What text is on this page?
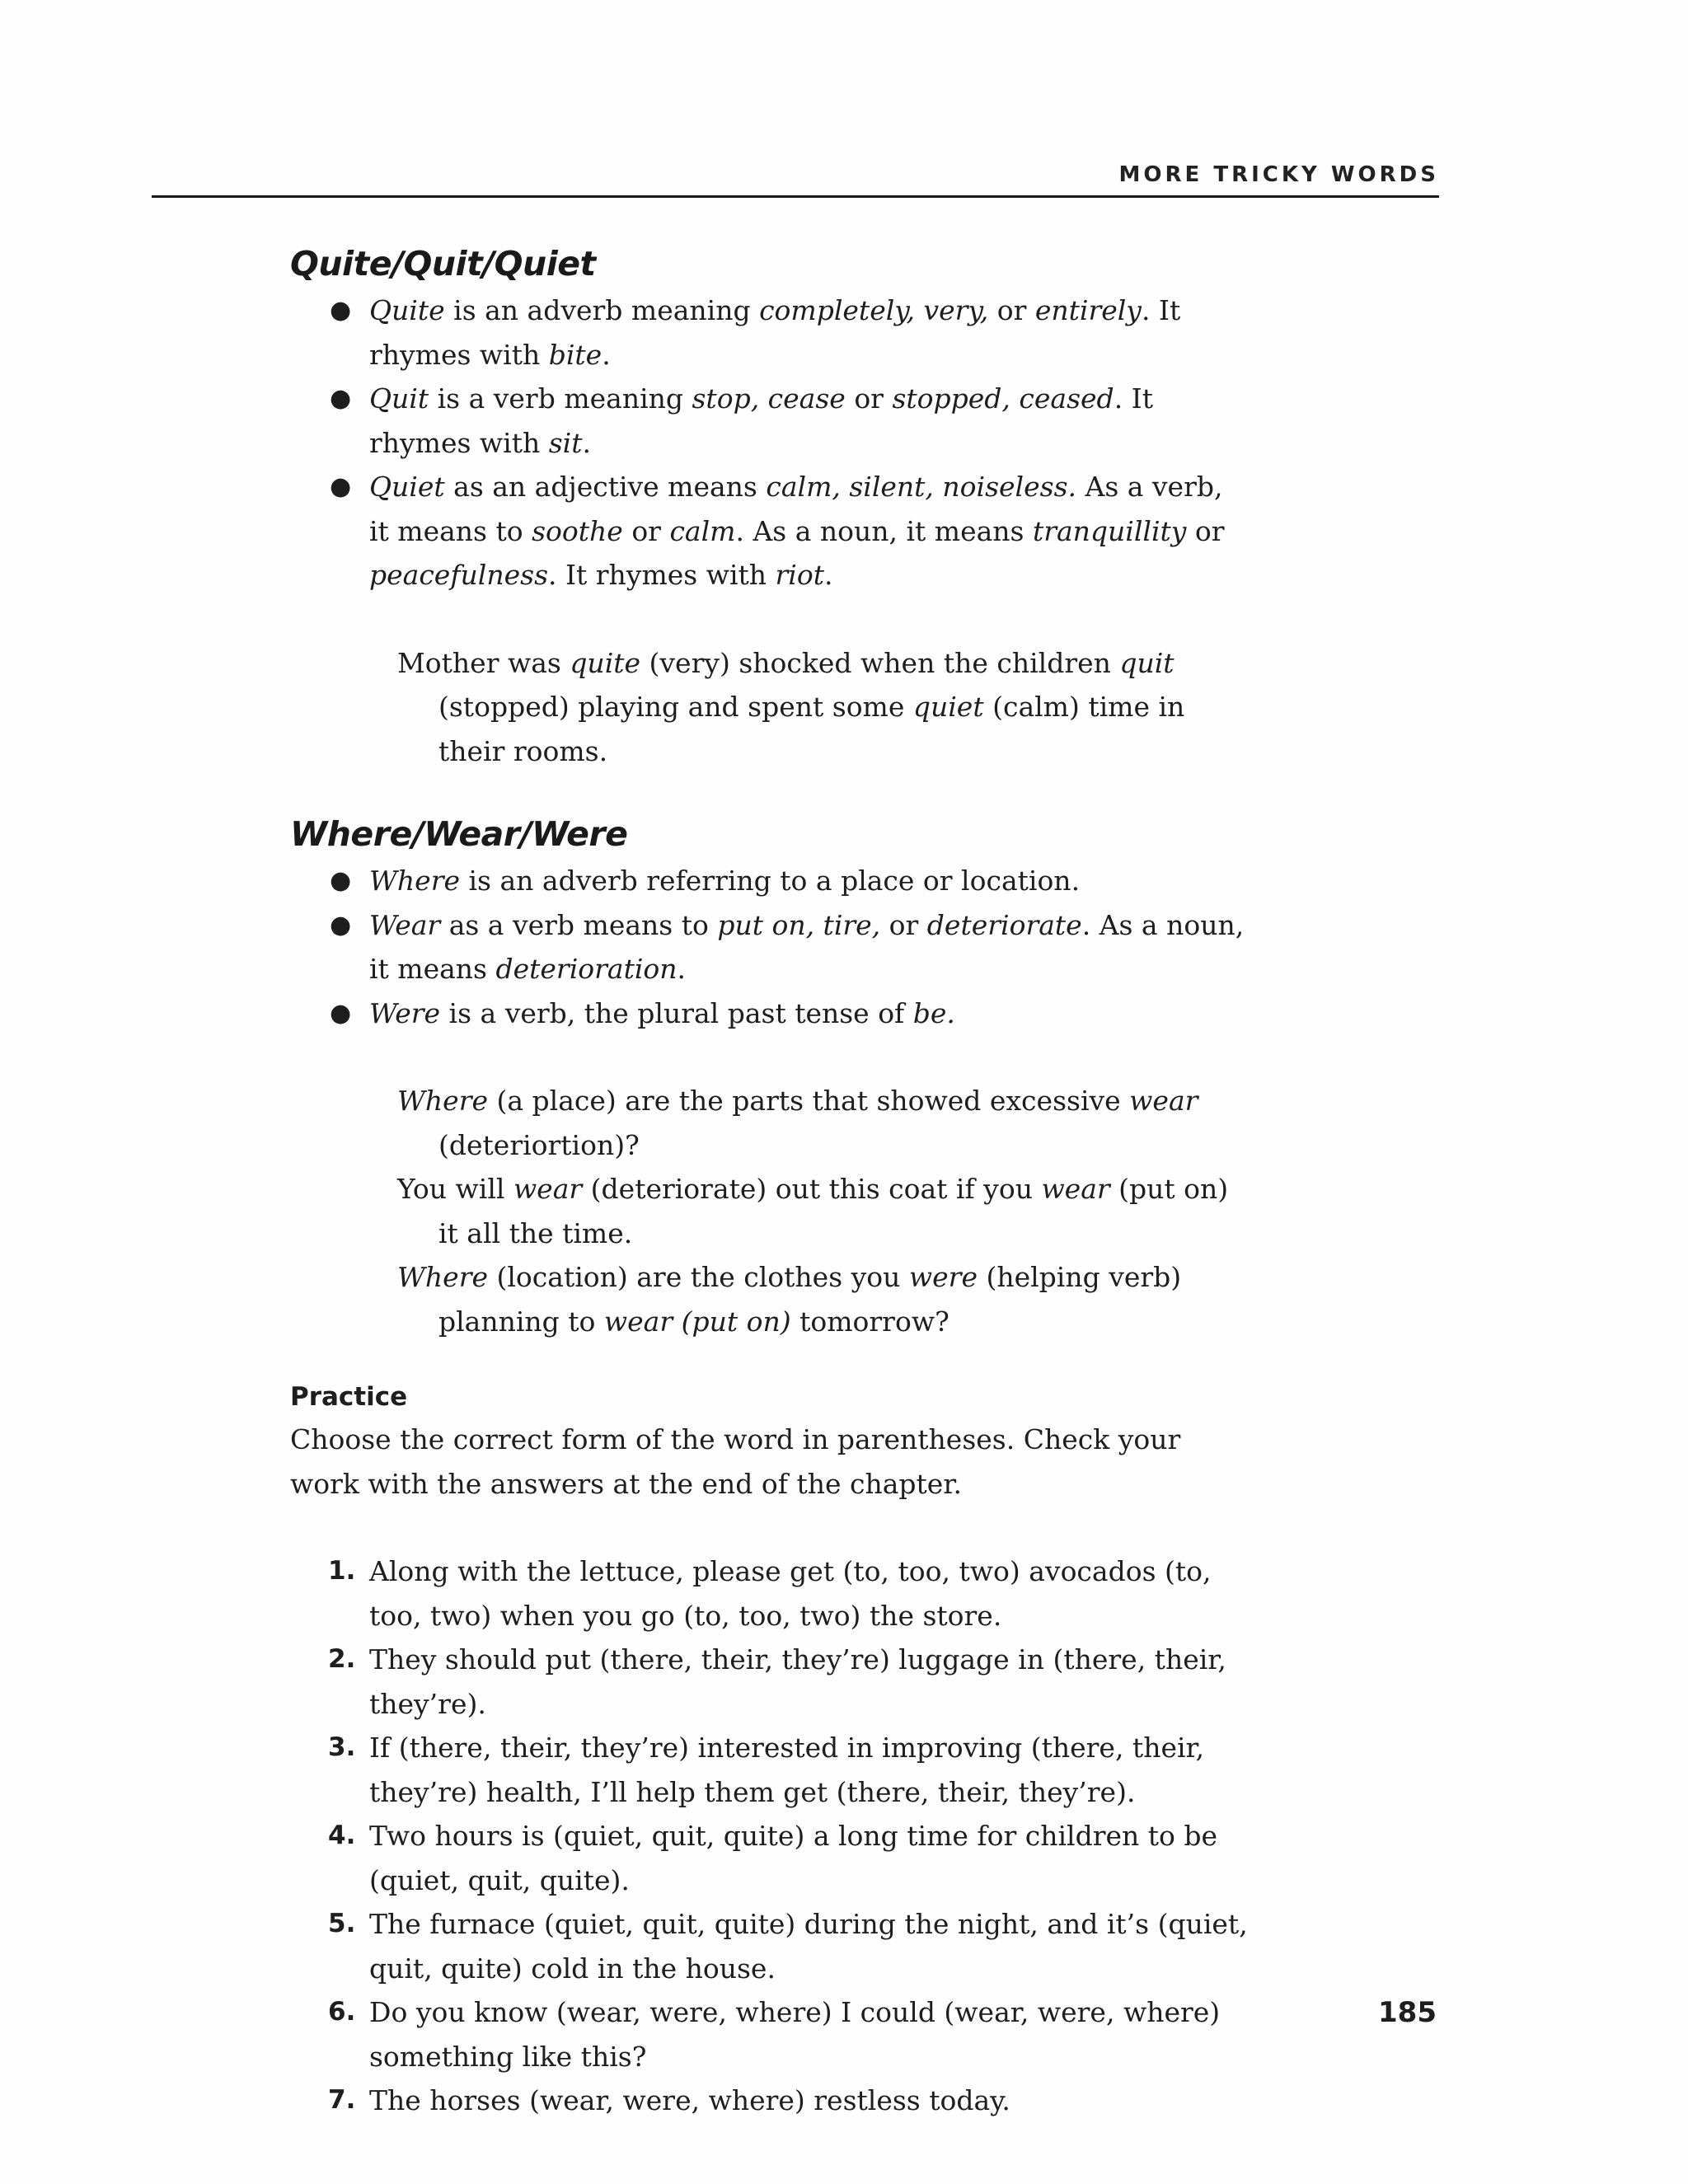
MORE TRICKY WORDS
Quite/Quit/Quiet
● Quite is an adverb meaning completely, very, or entirely. It rhymes with bite.
● Quit is a verb meaning stop, cease or stopped, ceased. It rhymes with sit.
● Quiet as an adjective means calm, silent, noiseless. As a verb, it means to soothe or calm. As a noun, it means tranquillity or peacefulness. It rhymes with riot.

Mother was quite (very) shocked when the children quit (stopped) playing and spent some quiet (calm) time in their rooms.

Where/Wear/Were
● Where is an adverb referring to a place or location.
● Wear as a verb means to put on, tire, or deteriorate. As a noun, it means deterioration.
● Were is a verb, the plural past tense of be.

Where (a place) are the parts that showed excessive wear (deteriortion)?

You will wear (deteriorate) out this coat if you wear (put on) it all the time.

Where (location) are the clothes you were (helping verb) planning to wear (put on) tomorrow?

Practice

Choose the correct form of the word in parentheses. Check your work with the answers at the end of the chapter.

1. Along with the lettuce, please get (to, too, two) avocados (to, too, two) when you go (to, too, two) the store.
2. They should put (there, their, they’re) luggage in (there, their, they’re).
3. If (there, their, they’re) interested in improving (there, their, they’re) health, I’ll help them get (there, their, they’re).
4. Two hours is (quiet, quit, quite) a long time for children to be (quiet, quit, quite).
5. The furnace (quiet, quit, quite) during the night, and it’s (quiet, quit, quite) cold in the house.
6. Do you know (wear, were, where) I could (wear, were, where) something like this?
7. The horses (wear, were, where) restless today.
185
